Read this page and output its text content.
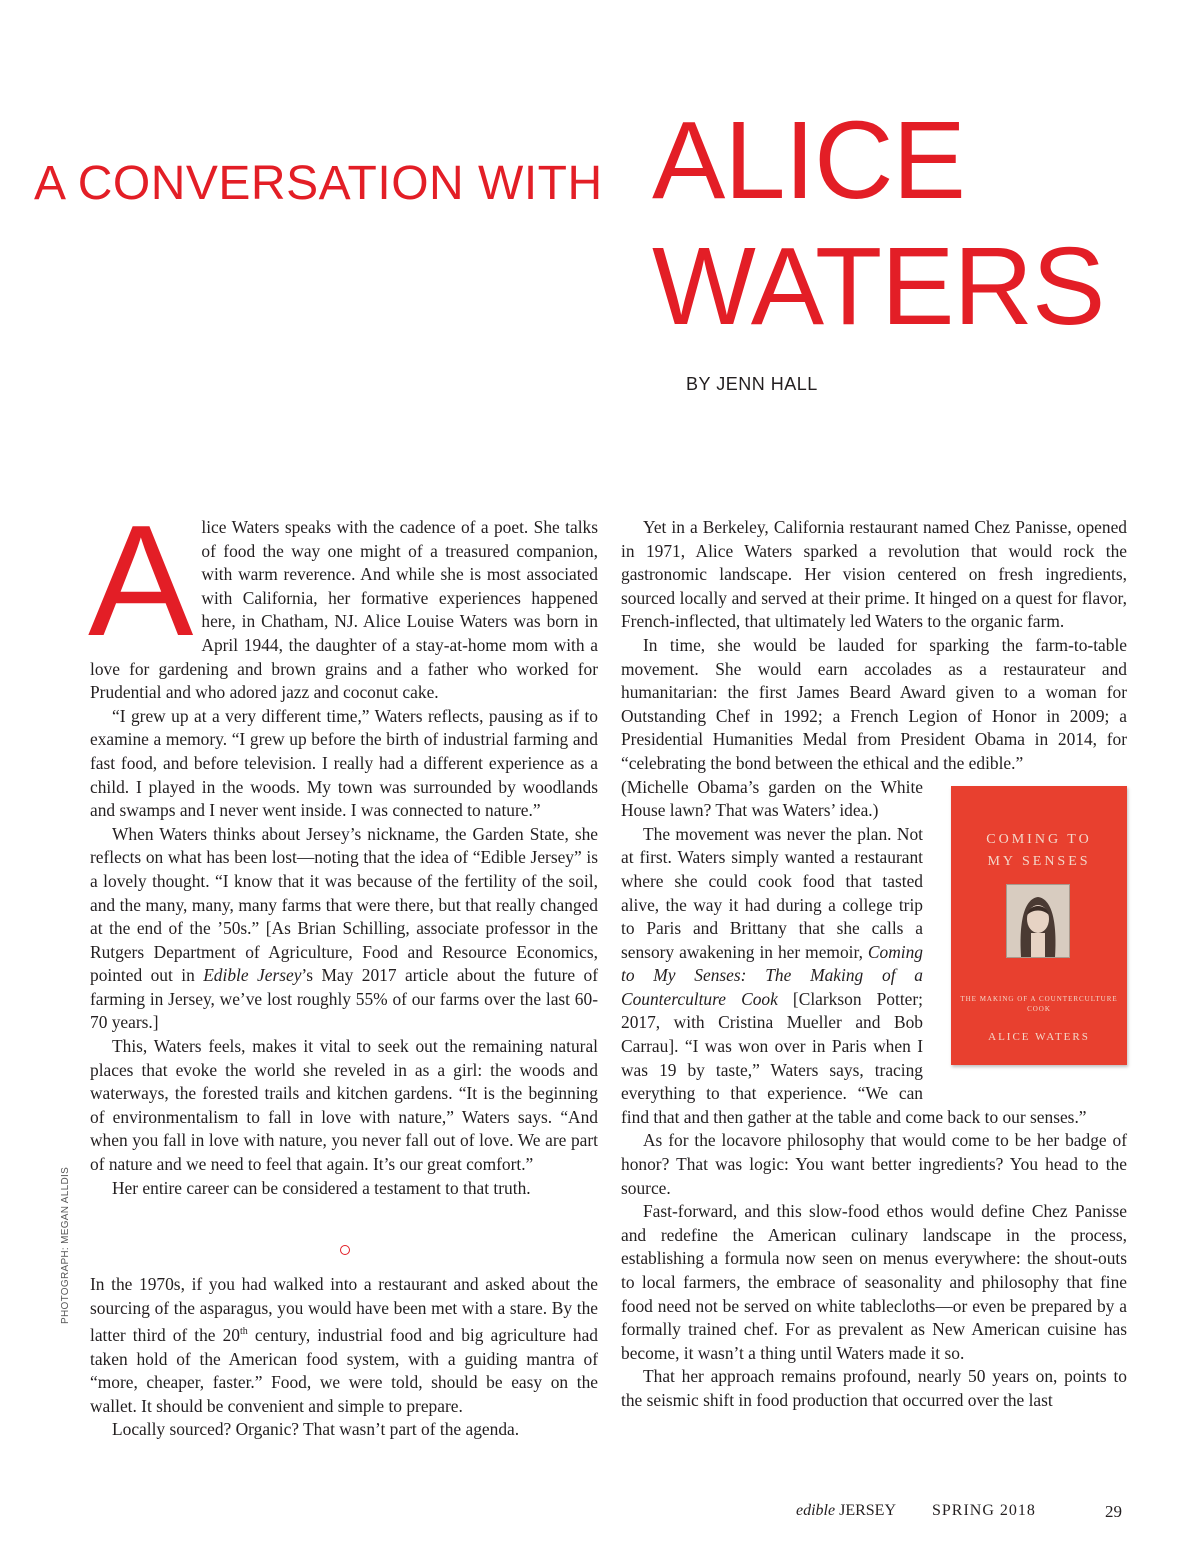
A CONVERSATION WITH ALICE
WATERS
BY JENN HALL

Alice Waters speaks with the cadence of a poet. She talks of food the way one might of a treasured companion, with warm reverence. And while she is most associated with California, her formative experiences happened here, in Chatham, NJ. Alice Louise Waters was born in April 1944, the daughter of a stay-at-home mom with a love for gardening and brown grains and a father who worked for Prudential and who adored jazz and coconut cake.

“I grew up at a very different time,” Waters reflects, pausing as if to examine a memory. “I grew up before the birth of industrial farming and fast food, and before television. I really had a different experience as a child. I played in the woods. My town was surrounded by woodlands and swamps and I never went inside. I was connected to nature.”

When Waters thinks about Jersey’s nickname, the Garden State, she reflects on what has been lost—noting that the idea of “Edible Jersey” is a lovely thought. “I know that it was because of the fertility of the soil, and the many, many, many farms that were there, but that really changed at the end of the ’50s.” [As Brian Schilling, associate professor in the Rutgers Department of Agriculture, Food and Resource Economics, pointed out in Edible Jersey’s May 2017 article about the future of farming in Jersey, we’ve lost roughly 55% of our farms over the last 60-70 years.]

This, Waters feels, makes it vital to seek out the remaining natural places that evoke the world she reveled in as a girl: the woods and waterways, the forested trails and kitchen gardens. “It is the beginning of environmentalism to fall in love with nature,” Waters says. “And when you fall in love with nature, you never fall out of love. We are part of nature and we need to feel that again. It’s our great comfort.”

Her entire career can be considered a testament to that truth.

In the 1970s, if you had walked into a restaurant and asked about the sourcing of the asparagus, you would have been met with a stare. By the latter third of the 20th century, industrial food and big agriculture had taken hold of the American food system, with a guiding mantra of “more, cheaper, faster.” Food, we were told, should be easy on the wallet. It should be convenient and simple to prepare.

Locally sourced? Organic? That wasn’t part of the agenda.

PHOTOGRAPH: MEGAN ALLDIS

Yet in a Berkeley, California restaurant named Chez Panisse, opened in 1971, Alice Waters sparked a revolution that would rock the gastronomic landscape. Her vision centered on fresh ingredients, sourced locally and served at their prime. It hinged on a quest for flavor, French-inflected, that ultimately led Waters to the organic farm.

In time, she would be lauded for sparking the farm-to-table movement. She would earn accolades as a restaurateur and humanitarian: the first James Beard Award given to a woman for Outstanding Chef in 1992; a French Legion of Honor in 2009; a Presidential Humanities Medal from President Obama in 2014, for “celebrating the bond between the ethical and the edible.”

COMING TO
MY SENSES
THE MAKING OF A COUNTERCULTURE COOK
ALICE WATERS
(Michelle Obama’s garden on the White House lawn? That was Waters’ idea.)

The movement was never the plan. Not at first. Waters simply wanted a restaurant where she could cook food that tasted alive, the way it had during a college trip to Paris and Brittany that she calls a sensory awakening in her memoir, Coming to My Senses: The Making of a Counterculture Cook [Clarkson Potter; 2017, with Cristina Mueller and Bob Carrau]. “I was won over in Paris when I was 19 by taste,” Waters says, tracing everything to that experience. “We can find that and then gather at the table and come back to our senses.”

As for the locavore philosophy that would come to be her badge of honor? That was logic: You want better ingredients? You head to the source.

Fast-forward, and this slow-food ethos would define Chez Panisse and redefine the American culinary landscape in the process, establishing a formula now seen on menus everywhere: the shout-outs to local farmers, the embrace of seasonality and philosophy that fine food need not be served on white tablecloths—or even be prepared by a formally trained chef. For as prevalent as New American cuisine has become, it wasn’t a thing until Waters made it so.

That her approach remains profound, nearly 50 years on, points to the seismic shift in food production that occurred over the last

edible JERSEY SPRING 2018	29
